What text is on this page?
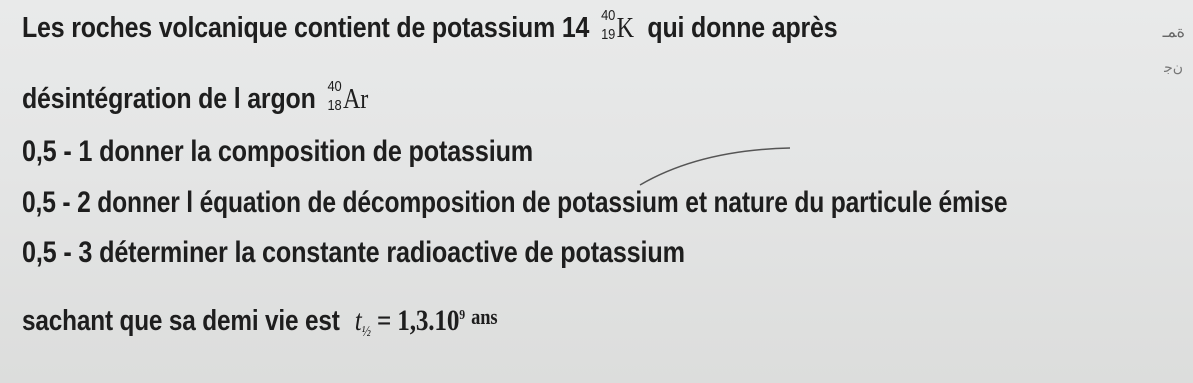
ﺓﻤـ
ﻥﺟ
Les roches volcanique contient de potassium 14 40
19 K qui donne après
désintégration de l argon 40
18 Ar
0,5 - 1 donner la composition de potassium
0,5 - 2 donner l équation de décomposition de potassium et nature du particule émise
0,5 - 3 déterminer la constante radioactive de potassium
sachant que sa demi vie est $t_{\frac{1}{2}} = 1,3.10^9$ $^{ans}$
